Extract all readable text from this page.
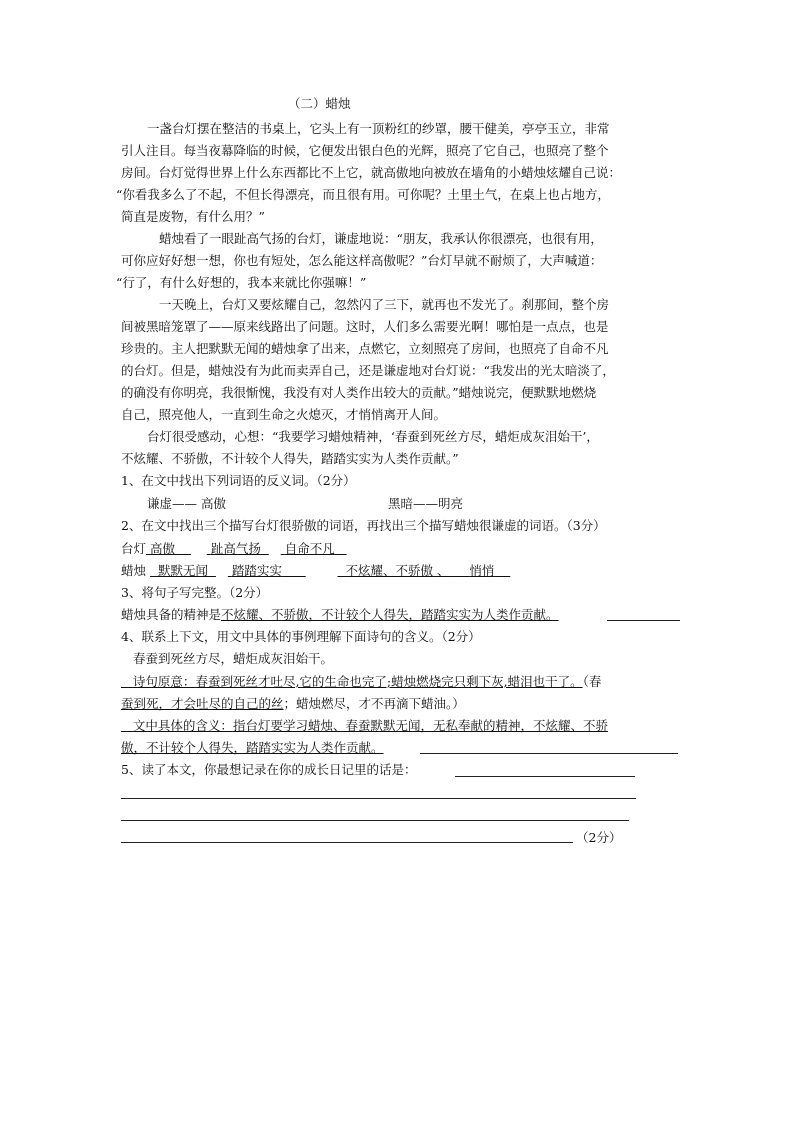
（二）蜡烛
一盏台灯摆在整洁的书桌上，它头上有一顶粉红的纱罩，腰干健美，亭亭玉立，非常
引人注目。每当夜幕降临的时候，它便发出银白色的光辉，照亮了它自己，也照亮了整个
房间。台灯觉得世界上什么东西都比不上它，就高傲地向被放在墙角的小蜡烛炫耀自己说：
“你看我多么了不起，不但长得漂亮，而且很有用。可你呢？土里土气，在桌上也占地方，
简直是废物，有什么用？”
蜡烛看了一眼趾高气扬的台灯，谦虚地说：“朋友，我承认你很漂亮，也很有用，
可你应好好想一想，你也有短处，怎么能这样高傲呢？”台灯早就不耐烦了，大声喊道：
“行了，有什么好想的，我本来就比你强嘛！”
一天晚上，台灯又要炫耀自己，忽然闪了三下，就再也不发光了。刹那间，整个房
间被黑暗笼罩了——原来线路出了问题。这时，人们多么需要光啊！哪怕是一点点，也是
珍贵的。主人把默默无闻的蜡烛拿了出来，点燃它，立刻照亮了房间，也照亮了自命不凡
的台灯。但是，蜡烛没有为此而卖弄自己，还是谦虚地对台灯说：“我发出的光太暗淡了，
的确没有你明亮，我很惭愧，我没有对人类作出较大的贡献。”蜡烛说完，便默默地燃烧
自己，照亮他人，一直到生命之火熄灭，才悄悄离开人间。
台灯很受感动，心想：“我要学习蜡烛精神，‘春蚕到死丝方尽，蜡炬成灰泪始干’，
不炫耀、不骄傲，不计较个人得失，踏踏实实为人类作贡献。”
1、在文中找出下列词语的反义词。（2分）
谦虚—— 高傲	黑暗——明亮
2、在文中找出三个描写台灯很骄傲的词语，再找出三个描写蜡烛很谦虚的词语。（3分）
台灯 高傲	趾高气扬 自命不凡
蜡烛 默默无闻 踏踏实实	不炫耀、不骄傲 、 悄悄
3、将句子写完整。（2分）
蜡烛具备的精神是不炫耀、不骄傲，不计较个人得失，踏踏实实为人类作贡献。
4、联系上下文，用文中具体的事例理解下面诗句的含义。（2分）
春蚕到死丝方尽，蜡炬成灰泪始干。
诗句原意：春蚕到死丝才吐尽,它的生命也完了;蜡烛燃烧完只剩下灰,蜡泪也干了。（春
蚕到死，才会吐尽的自己的丝；蜡烛燃尽，才不再滴下蜡油。）
文中具体的含义：指台灯要学习蜡烛、春蚕默默无闻，无私奉献的精神，不炫耀、不骄
傲，不计较个人得失，踏踏实实为人类作贡献。
5、读了本文，你最想记录在你的成长日记里的话是：
（2分）
